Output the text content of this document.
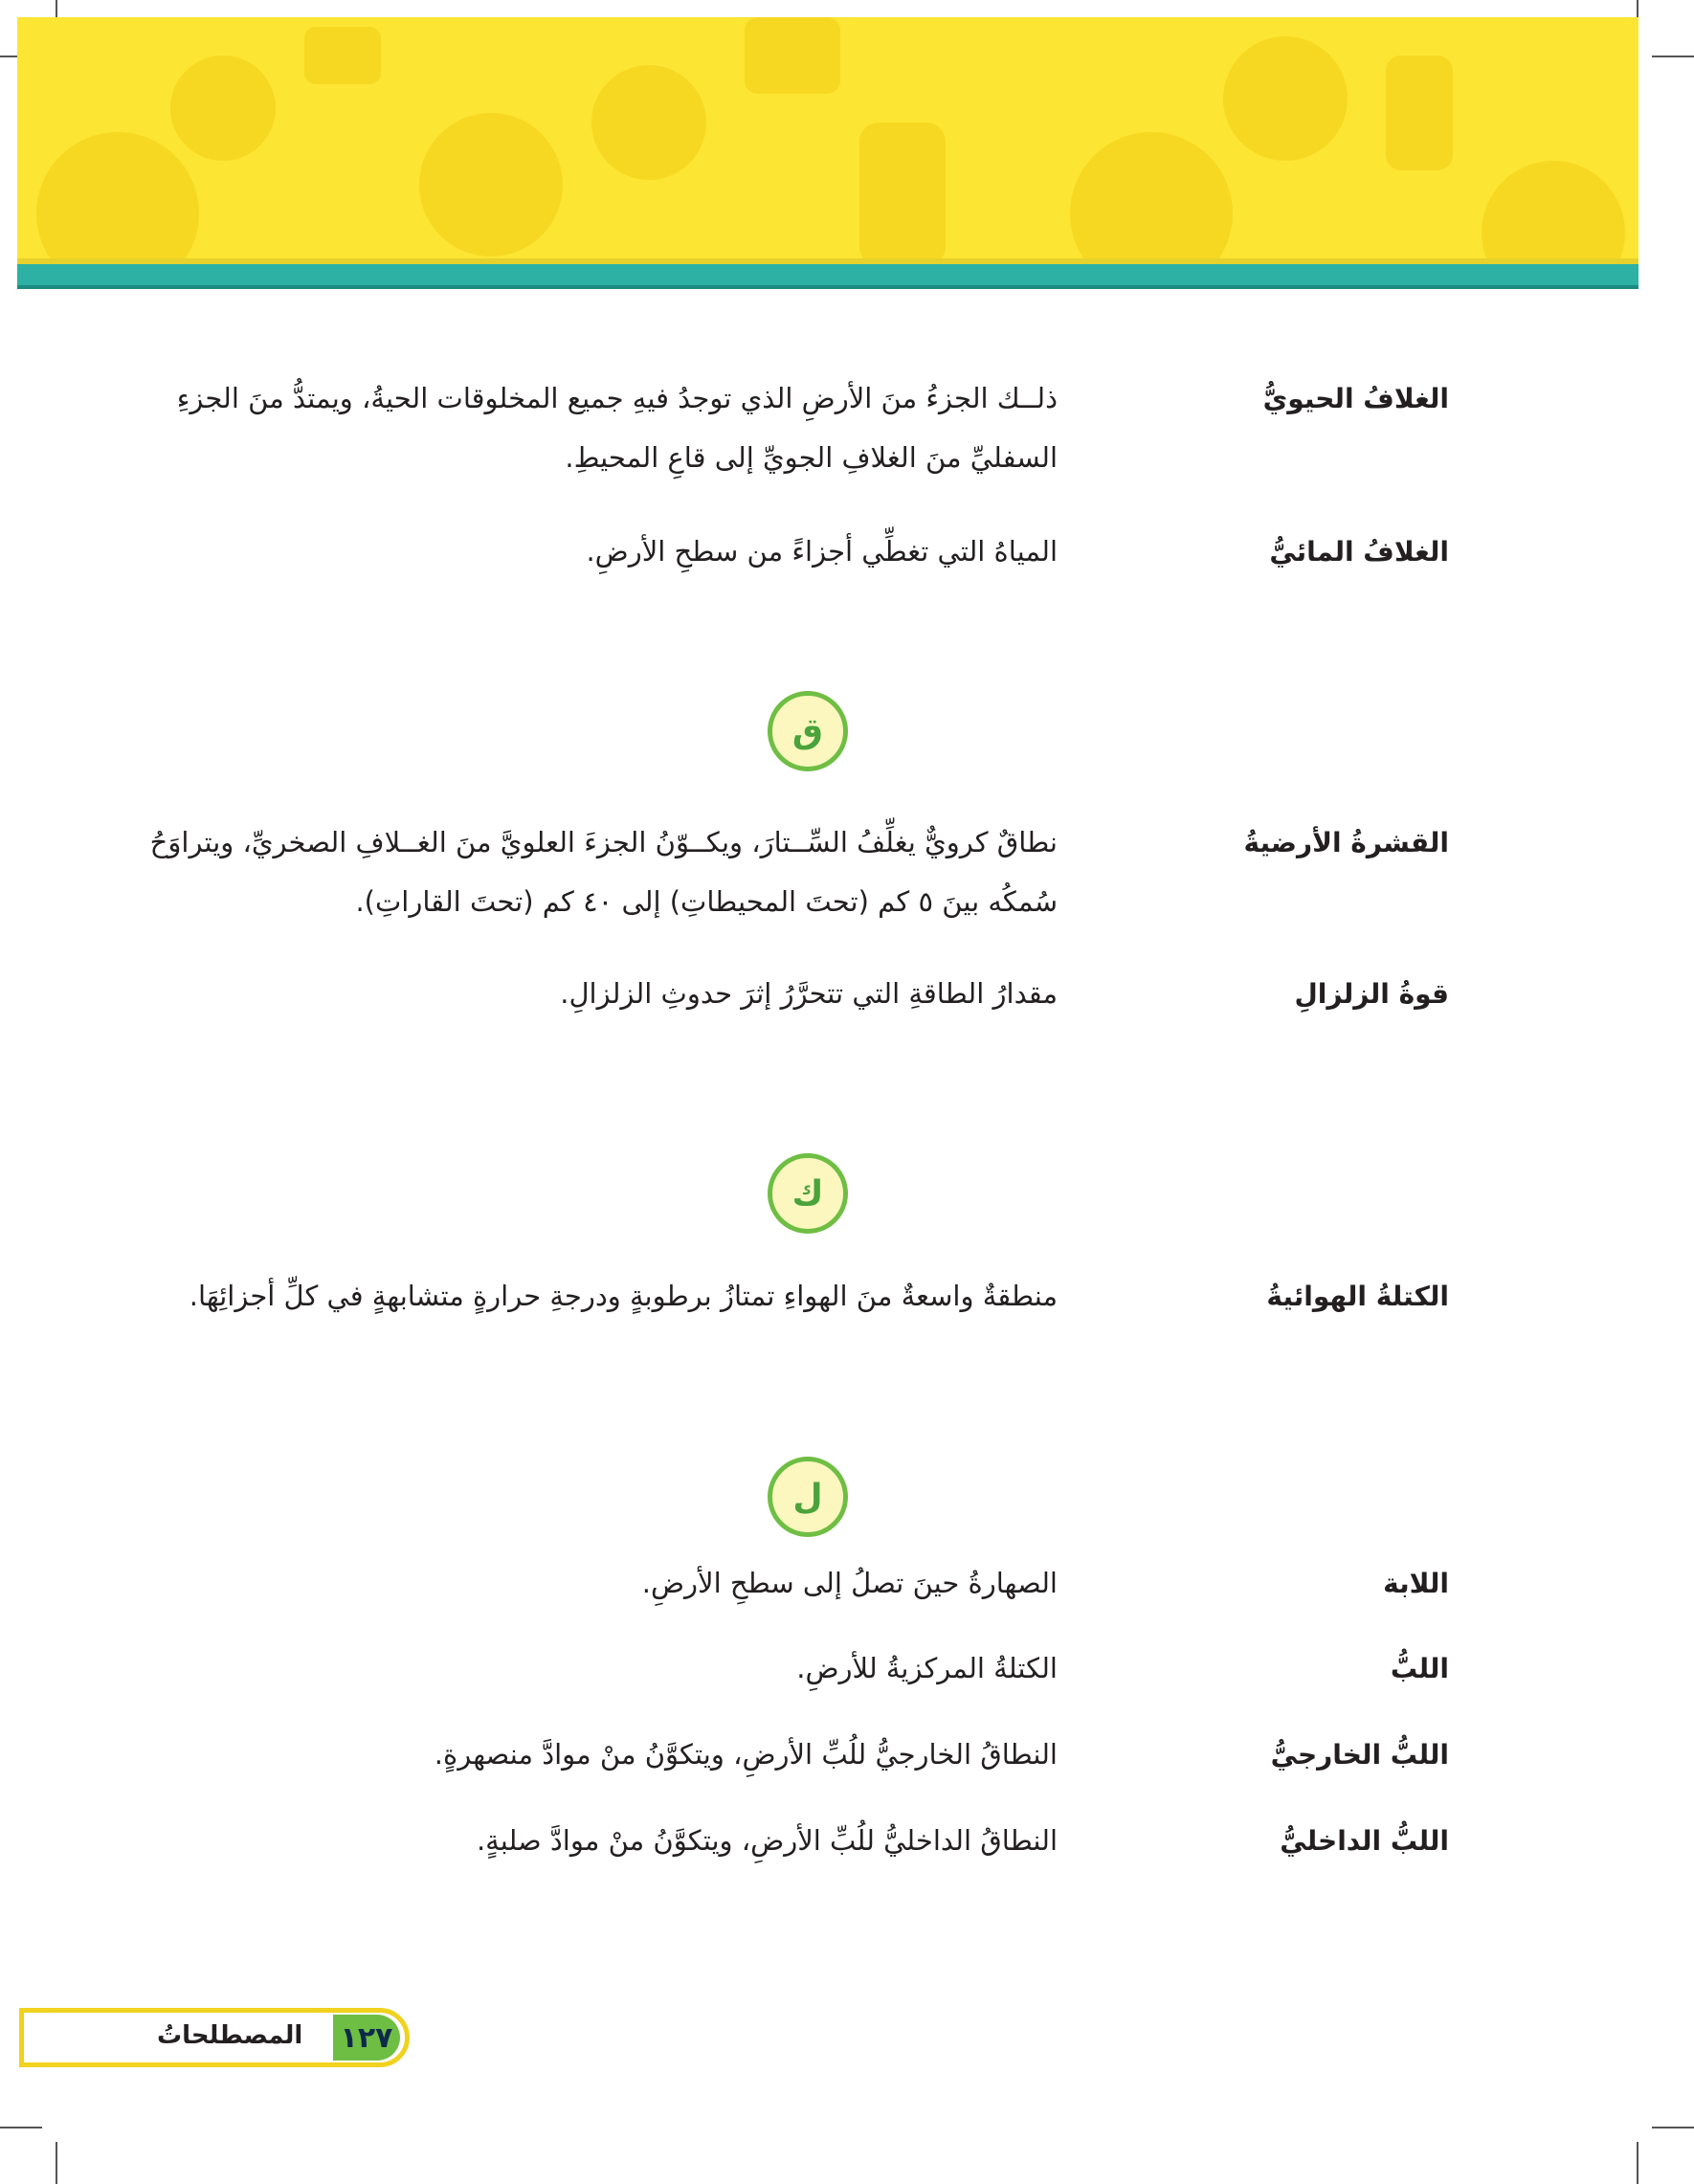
الغلافُ الحيويُّ
ذلــك الجزءُ منَ الأرضِ الذي توجدُ فيهِ جميع المخلوقات الحيةُ، ويمتدُّ منَ الجزءِ السفليِّ منَ الغلافِ الجويِّ إلى قاعِ المحيطِ.
الغلافُ المائيُّ
المياهُ التي تغطِّي أجزاءً من سطحِ الأرضِ.
ق
القشرةُ الأرضيةُ
نطاقٌ كرويٌّ يغلِّفُ السِّــتارَ، ويكــوّنُ الجزءَ العلويَّ منَ الغــلافِ الصخريِّ، ويتراوَحُ سُمكُه بينَ ٥ كم (تحتَ المحيطاتِ) إلى ٤٠ كم (تحتَ القاراتِ).
قوةُ الزلزالِ
مقدارُ الطاقةِ التي تتحرَّرُ إثرَ حدوثِ الزلزالِ.
ك
الكتلةُ الهوائيةُ
منطقةٌ واسعةٌ منَ الهواءِ تمتازُ برطوبةٍ ودرجةِ حرارةٍ متشابهةٍ في كلِّ أجزائِهَا.
ل
اللابة
الصهارةُ حينَ تصلُ إلى سطحِ الأرضِ.
اللبُّ
الكتلةُ المركزيةُ للأرضِ.
اللبُّ الخارجيُّ
النطاقُ الخارجيُّ للُبِّ الأرضِ، ويتكوَّنُ منْ موادَّ منصهرةٍ.
اللبُّ الداخليُّ
النطاقُ الداخليُّ للُبِّ الأرضِ، ويتكوَّنُ منْ موادَّ صلبةٍ.
المصطلحاتُ ١٢٧
